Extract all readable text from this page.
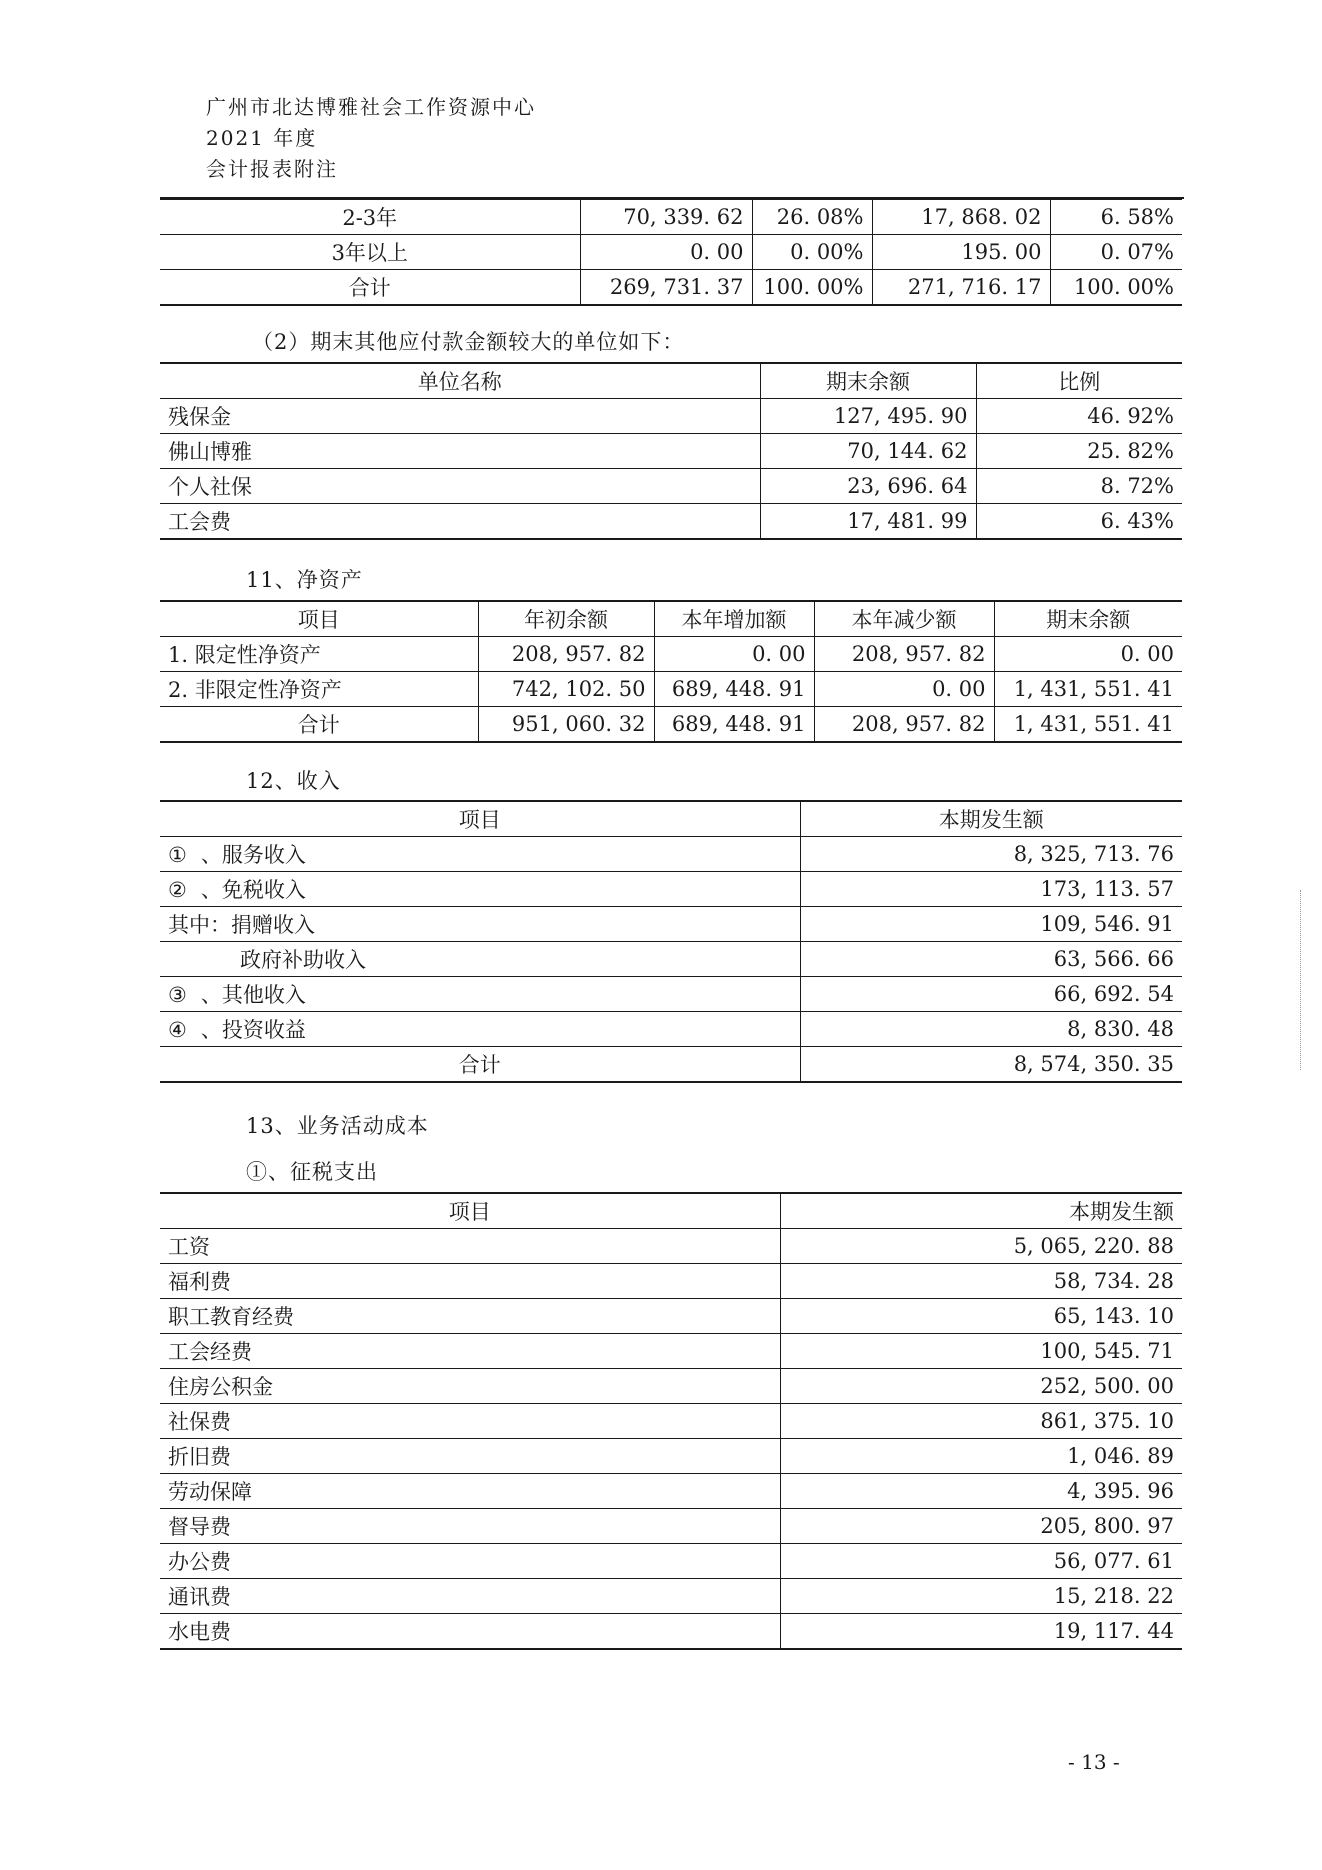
广州市北达博雅社会工作资源中心
2021 年度
会计报表附注
2-3年	70, 339. 62	26. 08%	17, 868. 02	6. 58%
3年以上	0. 00	0. 00%	195. 00	0. 07%
合计	269, 731. 37	100. 00%	271, 716. 17	100. 00%
（2）期末其他应付款金额较大的单位如下：
单位名称	期末余额	比例
残保金	127, 495. 90	46. 92%
佛山博雅	70, 144. 62	25. 82%
个人社保	23, 696. 64	8. 72%
工会费	17, 481. 99	6. 43%
11、净资产
项目	年初余额	本年增加额	本年减少额	期末余额
1. 限定性净资产	208, 957. 82	0. 00	208, 957. 82	0. 00
2. 非限定性净资产	742, 102. 50	689, 448. 91	0. 00	1, 431, 551. 41
合计	951, 060. 32	689, 448. 91	208, 957. 82	1, 431, 551. 41
12、收入
项目	本期发生额
① 、服务收入	8, 325, 713. 76
② 、免税收入	173, 113. 57
其中：捐赠收入	109, 546. 91
政府补助收入	63, 566. 66
③ 、其他收入	66, 692. 54
④ 、投资收益	8, 830. 48
合计	8, 574, 350. 35
13、业务活动成本
①、征税支出
项目	本期发生额
工资	5, 065, 220. 88
福利费	58, 734. 28
职工教育经费	65, 143. 10
工会经费	100, 545. 71
住房公积金	252, 500. 00
社保费	861, 375. 10
折旧费	1, 046. 89
劳动保障	4, 395. 96
督导费	205, 800. 97
办公费	56, 077. 61
通讯费	15, 218. 22
水电费	19, 117. 44
- 13 -
